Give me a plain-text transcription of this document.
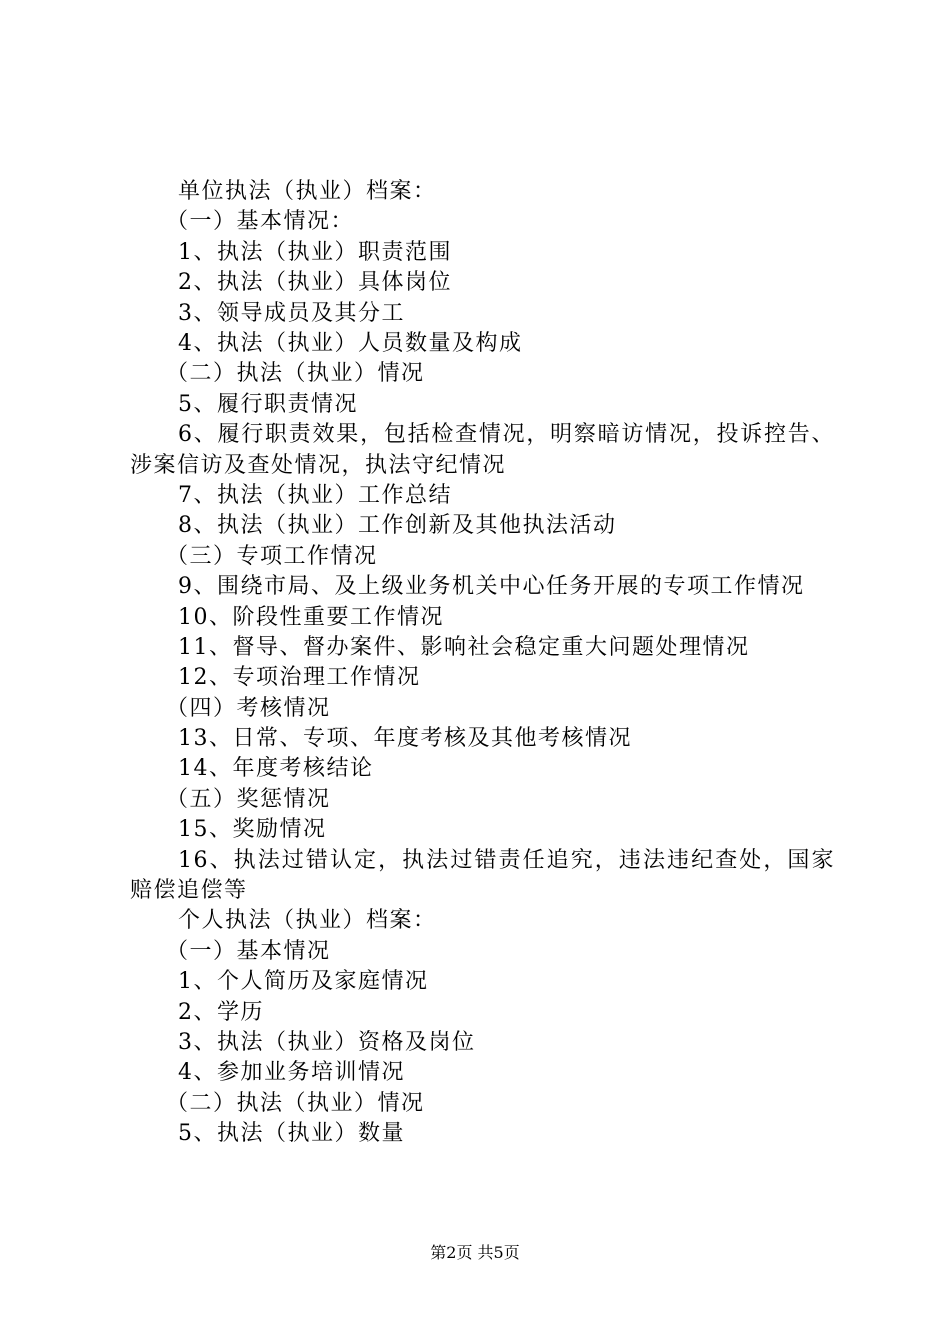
单位执法（执业）档案：
（一）基本情况：
1、执法（执业）职责范围
2、执法（执业）具体岗位
3、领导成员及其分工
4、执法（执业）人员数量及构成
（二）执法（执业）情况
5、履行职责情况
6、履行职责效果，包括检查情况，明察暗访情况，投诉控告、涉案信访及查处情况，执法守纪情况
7、执法（执业）工作总结
8、执法（执业）工作创新及其他执法活动
（三）专项工作情况
9、围绕市局、及上级业务机关中心任务开展的专项工作情况
10、阶段性重要工作情况
11、督导、督办案件、影响社会稳定重大问题处理情况
12、专项治理工作情况
（四）考核情况
13、日常、专项、年度考核及其他考核情况
14、年度考核结论
（五）奖惩情况
15、奖励情况
16、执法过错认定，执法过错责任追究，违法违纪查处，国家赔偿追偿等
个人执法（执业）档案：
（一）基本情况
1、个人简历及家庭情况
2、学历
3、执法（执业）资格及岗位
4、参加业务培训情况
（二）执法（执业）情况
5、执法（执业）数量
第2页 共5页
